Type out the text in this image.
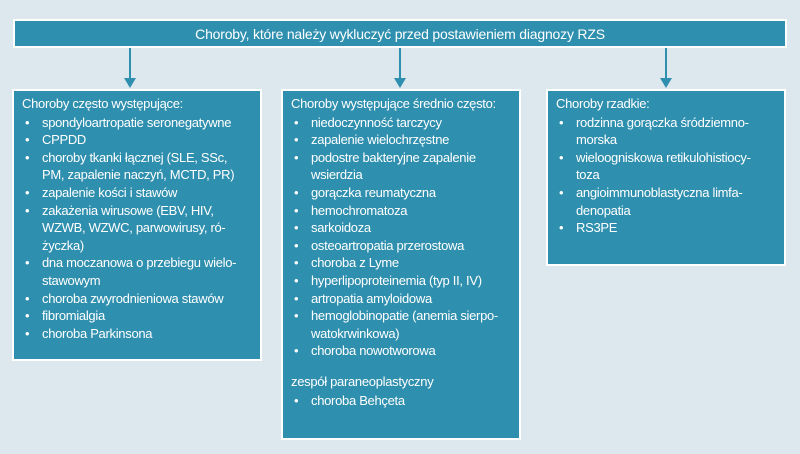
Choroby, które należy wykluczyć przed postawieniem diagnozy RZS
Choroby często występujące:
• spondyloartropatie seronegatywne
• CPPDD
• choroby tkanki łącznej (SLE, SSc,
PM, zapalenie naczyń, MCTD, PR)
• zapalenie kości i stawów
• zakażenia wirusowe (EBV, HIV,
WZWB, WZWC, parwowirusy, ró-
życzka)
• dna moczanowa o przebiegu wielo-
stawowym
• choroba zwyrodnieniowa stawów
• fibromialgia
• choroba Parkinsona
Choroby występujące średnio często:
• niedoczynność tarczycy
• zapalenie wielochrzęstne
• podostre bakteryjne zapalenie
wsierdzia
• gorączka reumatyczna
• hemochromatoza
• sarkoidoza
• osteoartropatia przerostowa
• choroba z Lyme
• hyperlipoproteinemia (typ II, IV)
• artropatia amyloidowa
• hemoglobinopatie (anemia sierpo-
watokrwinkowa)
• choroba nowotworowa
zespół paraneoplastyczny
• choroba Behçeta
Choroby rzadkie:
• rodzinna gorączka śródziemno-
morska
• wieloogniskowa retikulohistiocy-
toza
• angioimmunoblastyczna limfa-
denopatia
• RS3PE
